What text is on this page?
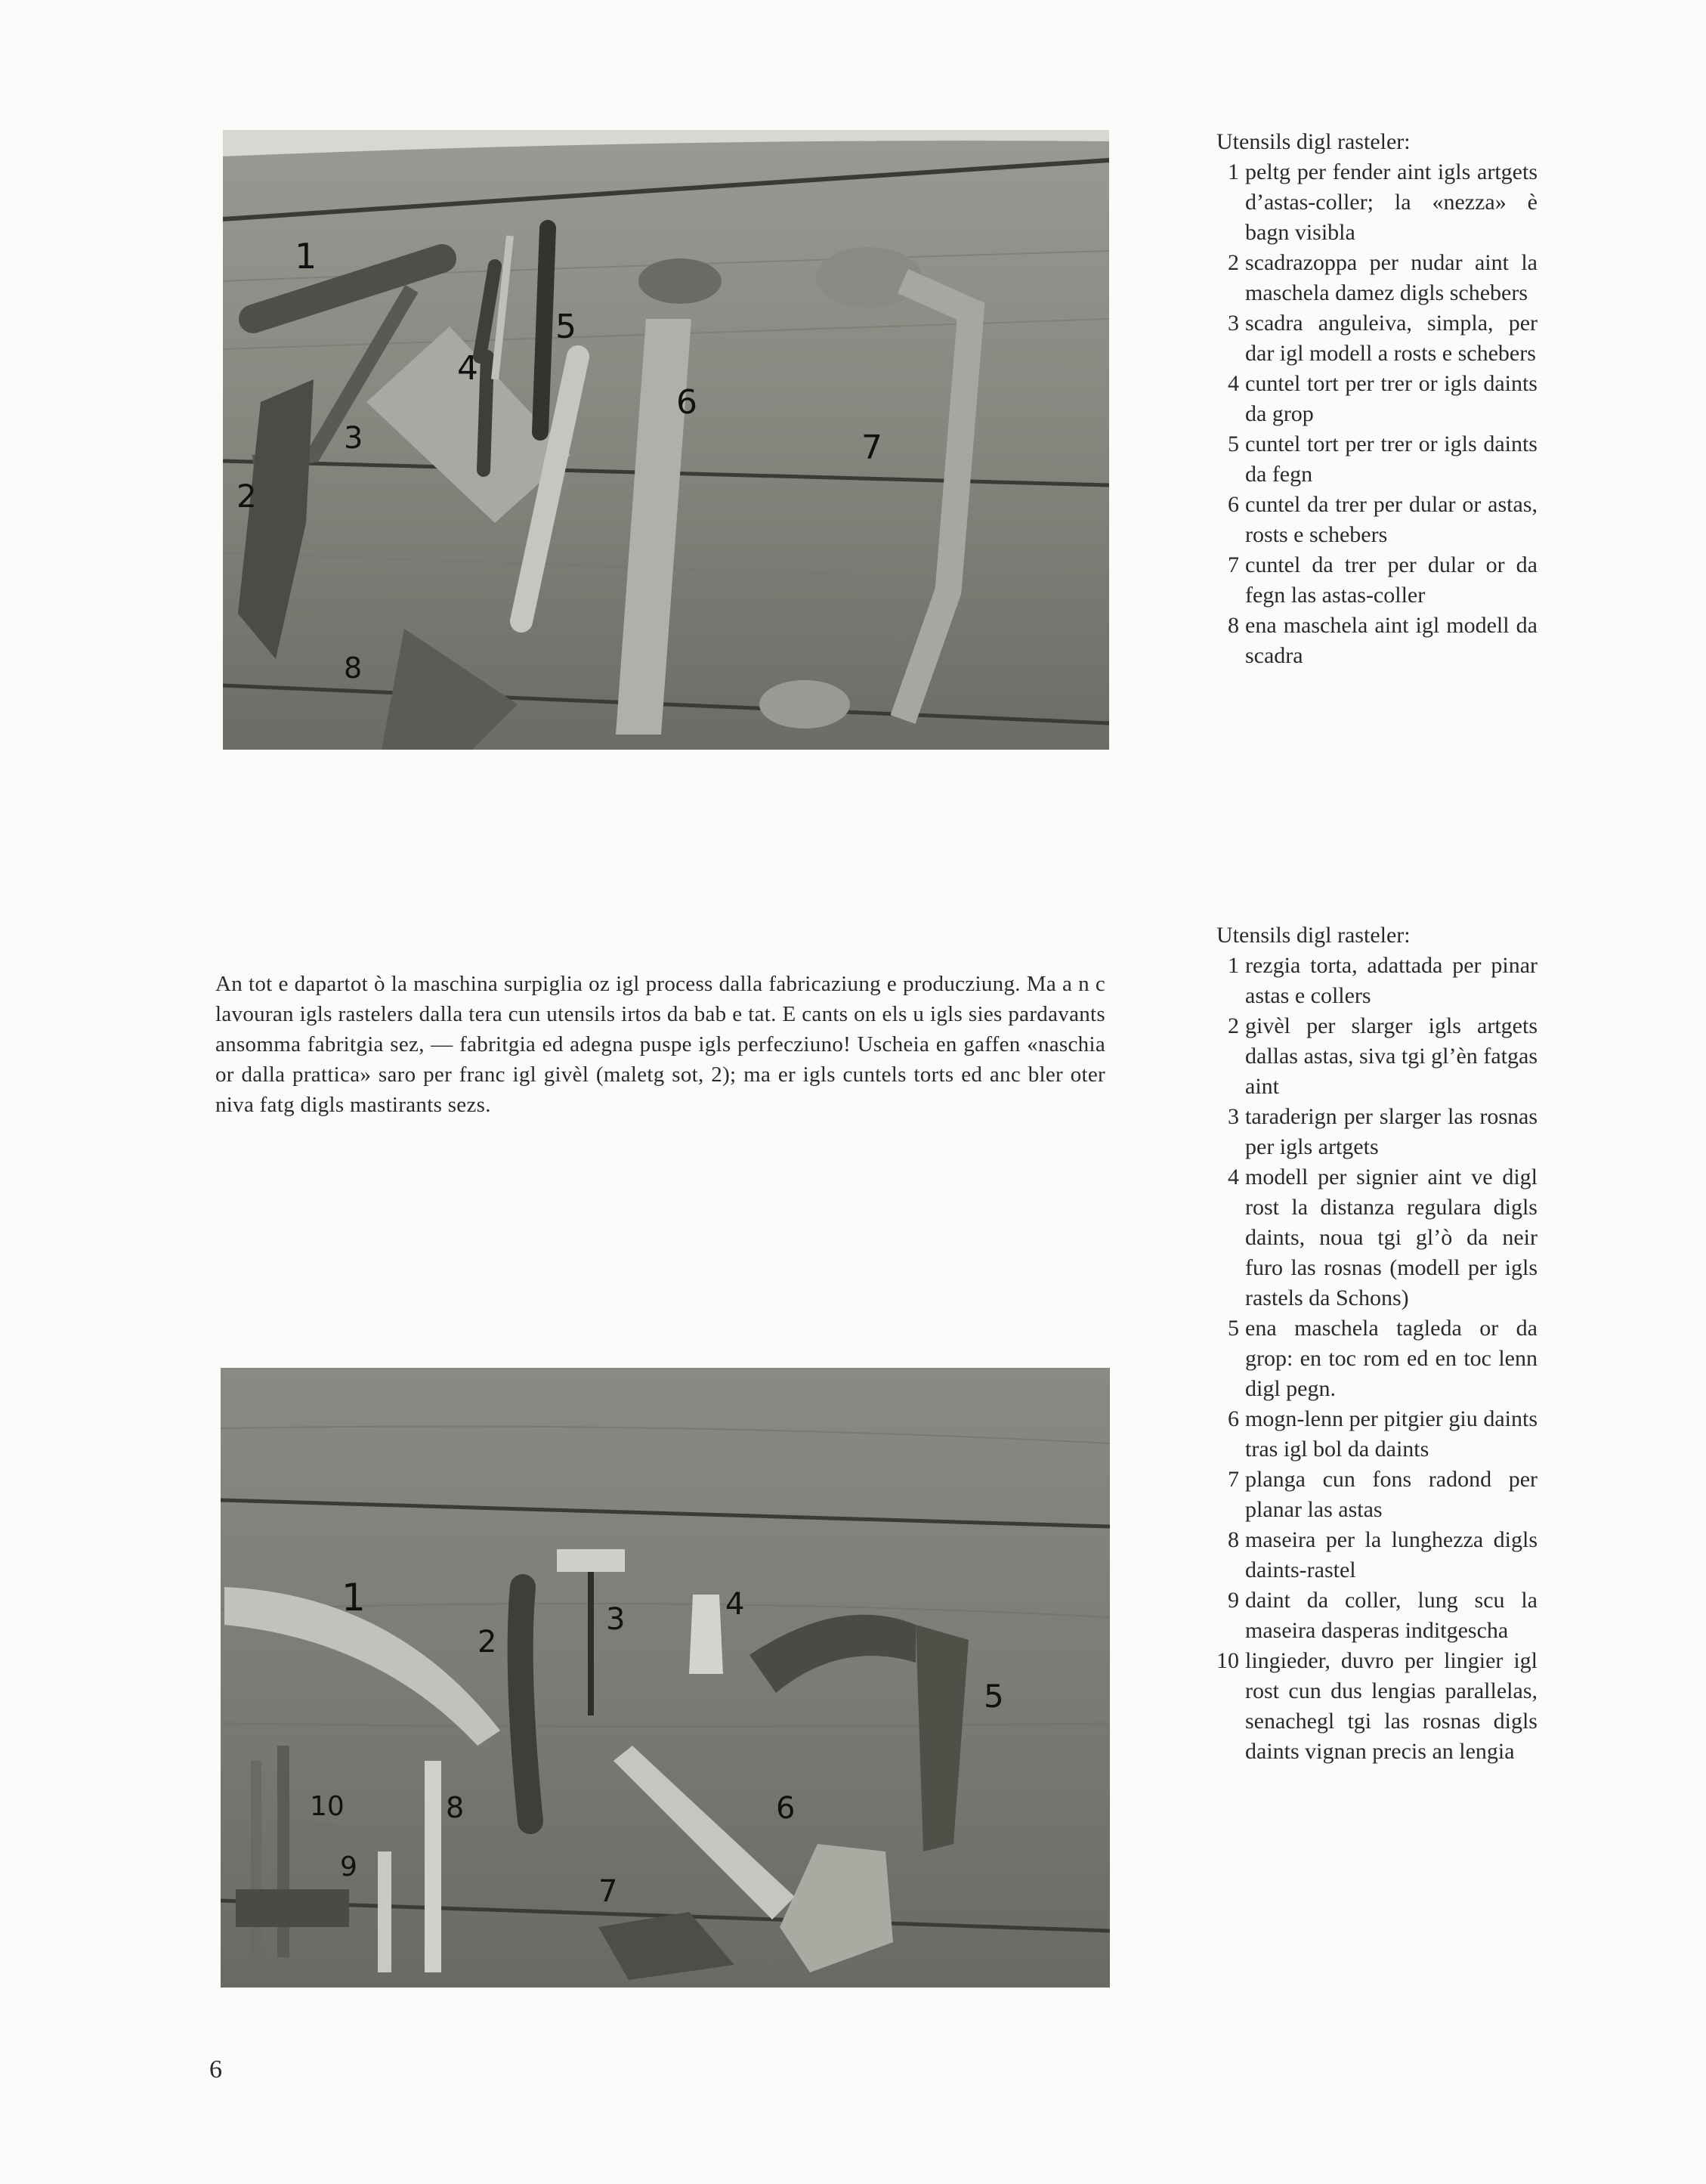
1
2
3
4
5
6
7
8
Utensils digl rasteler:
1 peltg per fender aint igls artgets d’astas-coller; la «nezza» è bagn visibla
2 scadrazoppa per nudar aint la maschela damez digls schebers
3 scadra anguleiva, simpla, per dar igl modell a rosts e schebers
4 cuntel tort per trer or igls daints da grop
5 cuntel tort per trer or igls daints da fegn
6 cuntel da trer per dular or astas, rosts e schebers
7 cuntel da trer per dular or da fegn las astas-coller
8 ena maschela aint igl modell da scadra

An tot e dapartot ò la maschina surpiglia oz igl process dalla fabricaziung e producziung. Ma a n c lavouran igls rastelers dalla tera cun utensils irtos da bab e tat. E cants on els u igls sies pardavants ansomma fabritgia sez, — fabritgia ed adegna puspe igls perfecziuno! Uscheia en gaffen «naschia or dalla prattica» saro per franc igl givèl (maletg sot, 2); ma er igls cuntels torts ed anc bler oter niva fatg digls mastirants sezs.

1
2
3	4
5
6
7
8
9
10
Utensils digl rasteler:
1 rezgia torta, adattada per pinar astas e collers
2 givèl per slarger igls artgets dallas astas, siva tgi gl’èn fatgas aint
3 taraderign per slarger las rosnas per igls artgets
4 modell per signier aint ve digl rost la distanza regulara digls daints, noua tgi gl’ò da neir furo las rosnas (modell per igls rastels da Schons)
5 ena maschela tagleda or da grop: en toc rom ed en toc lenn digl pegn.
6 mogn-lenn per pitgier giu daints tras igl bol da daints
7 planga cun fons radond per planar las astas
8 maseira per la lunghezza digls daints-rastel
9 daint da coller, lung scu la maseira dasperas inditgescha
10 lingieder, duvro per lingier igl rost cun dus lengias parallelas, senachegl tgi las rosnas digls daints vignan precis an lengia
6
